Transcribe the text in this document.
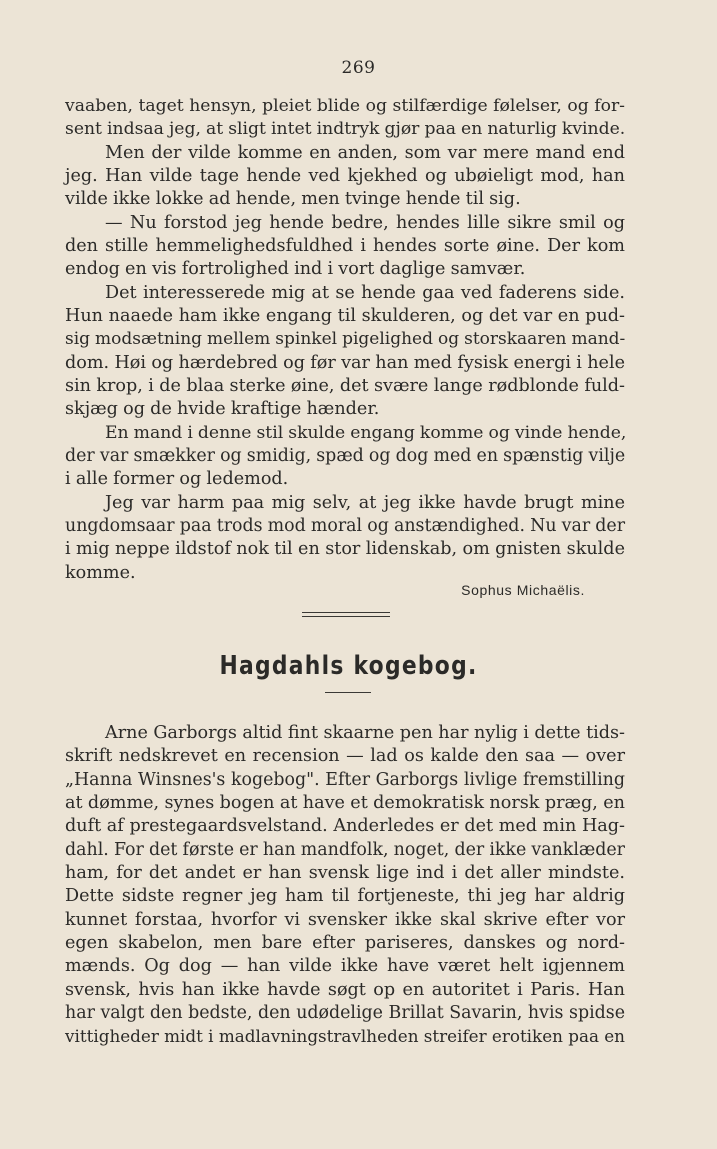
269
vaaben, taget hensyn, pleiet blide og stilfærdige følelser, og for-
sent indsaa jeg, at sligt intet indtryk gjør paa en naturlig kvinde.
Men der vilde komme en anden, som var mere mand end
jeg. Han vilde tage hende ved kjekhed og ubøieligt mod, han
vilde ikke lokke ad hende, men tvinge hende til sig.
— Nu forstod jeg hende bedre, hendes lille sikre smil og
den stille hemmelighedsfuldhed i hendes sorte øine. Der kom
endog en vis fortrolighed ind i vort daglige samvær.
Det interesserede mig at se hende gaa ved faderens side.
Hun naaede ham ikke engang til skulderen, og det var en pud-
sig modsætning mellem spinkel pigelighed og storskaaren mand-
dom. Høi og hærdebred og før var han med fysisk energi i hele
sin krop, i de blaa sterke øine, det svære lange rødblonde fuld-
skjæg og de hvide kraftige hænder.
En mand i denne stil skulde engang komme og vinde hende,
der var smækker og smidig, spæd og dog med en spænstig vilje
i alle former og ledemod.
Jeg var harm paa mig selv, at jeg ikke havde brugt mine
ungdomsaar paa trods mod moral og anstændighed. Nu var der
i mig neppe ildstof nok til en stor lidenskab, om gnisten skulde
komme.
Sophus Michaëlis.
Hagdahls kogebog.
Arne Garborgs altid fint skaarne pen har nylig i dette tids-
skrift nedskrevet en recension — lad os kalde den saa — over
„Hanna Winsnes's kogebog". Efter Garborgs livlige fremstilling
at dømme, synes bogen at have et demokratisk norsk præg, en
duft af prestegaardsvelstand. Anderledes er det med min Hag-
dahl. For det første er han mandfolk, noget, der ikke vanklæder
ham, for det andet er han svensk lige ind i det aller mindste.
Dette sidste regner jeg ham til fortjeneste, thi jeg har aldrig
kunnet forstaa, hvorfor vi svensker ikke skal skrive efter vor
egen skabelon, men bare efter pariseres, danskes og nord-
mænds. Og dog — han vilde ikke have været helt igjennem
svensk, hvis han ikke havde søgt op en autoritet i Paris. Han
har valgt den bedste, den udødelige Brillat Savarin, hvis spidse
vittigheder midt i madlavningstravlheden streifer erotiken paa en
